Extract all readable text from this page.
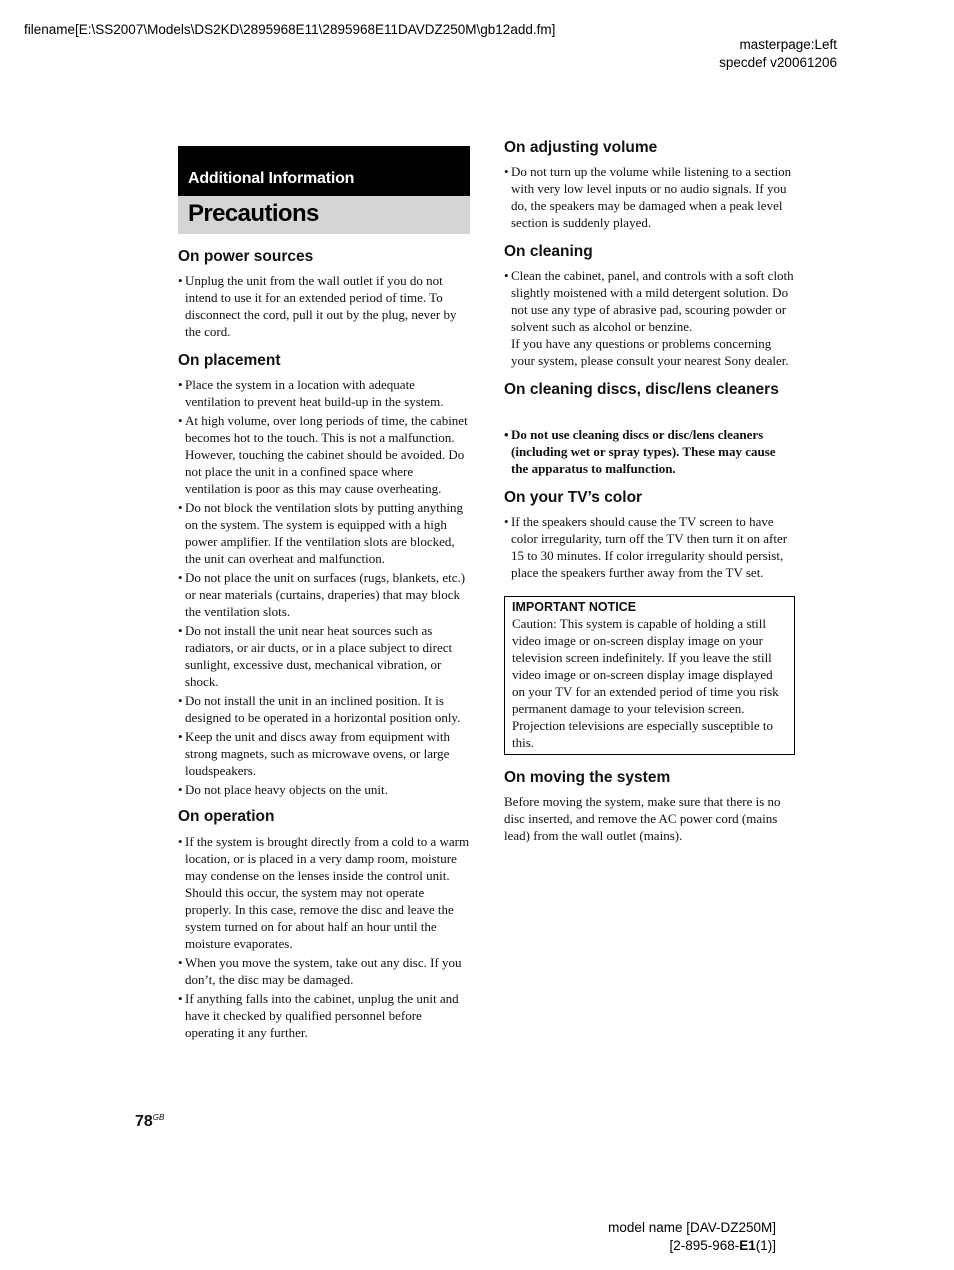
filename[E:\SS2007\Models\DS2KD\2895968E11\2895968E11DAVDZ250M\gb12add.fm]
masterpage:Left
specdef v20061206
Additional Information
Precautions
On power sources
• Unplug the unit from the wall outlet if you do not intend to use it for an extended period of time. To disconnect the cord, pull it out by the plug, never by the cord.
On placement
• Place the system in a location with adequate ventilation to prevent heat build-up in the system.
• At high volume, over long periods of time, the cabinet becomes hot to the touch. This is not a malfunction. However, touching the cabinet should be avoided. Do not place the unit in a confined space where ventilation is poor as this may cause overheating.
• Do not block the ventilation slots by putting anything on the system. The system is equipped with a high power amplifier. If the ventilation slots are blocked, the unit can overheat and malfunction.
• Do not place the unit on surfaces (rugs, blankets, etc.) or near materials (curtains, draperies) that may block the ventilation slots.
• Do not install the unit near heat sources such as radiators, or air ducts, or in a place subject to direct sunlight, excessive dust, mechanical vibration, or shock.
• Do not install the unit in an inclined position. It is designed to be operated in a horizontal position only.
• Keep the unit and discs away from equipment with strong magnets, such as microwave ovens, or large loudspeakers.
• Do not place heavy objects on the unit.
On operation
• If the system is brought directly from a cold to a warm location, or is placed in a very damp room, moisture may condense on the lenses inside the control unit. Should this occur, the system may not operate properly. In this case, remove the disc and leave the system turned on for about half an hour until the moisture evaporates.
• When you move the system, take out any disc. If you don’t, the disc may be damaged.
• If anything falls into the cabinet, unplug the unit and have it checked by qualified personnel before operating it any further.
On adjusting volume
• Do not turn up the volume while listening to a section with very low level inputs or no audio signals. If you do, the speakers may be damaged when a peak level section is suddenly played.
On cleaning
• Clean the cabinet, panel, and controls with a soft cloth slightly moistened with a mild detergent solution. Do not use any type of abrasive pad, scouring powder or solvent such as alcohol or benzine.
If you have any questions or problems concerning your system, please consult your nearest Sony dealer.
On cleaning discs, disc/lens cleaners
• Do not use cleaning discs or disc/lens cleaners (including wet or spray types). These may cause the apparatus to malfunction.
On your TV’s color
• If the speakers should cause the TV screen to have color irregularity, turn off the TV then turn it on after 15 to 30 minutes. If color irregularity should persist, place the speakers further away from the TV set.
IMPORTANT NOTICE
Caution: This system is capable of holding a still video image or on-screen display image on your television screen indefinitely. If you leave the still video image or on-screen display image displayed on your TV for an extended period of time you risk permanent damage to your television screen. Projection televisions are especially susceptible to this.
On moving the system

Before moving the system, make sure that there is no disc inserted, and remove the AC power cord (mains lead) from the wall outlet (mains).

$78^{GB}$
model name [DAV-DZ250M]
[2-895-968-E1(1)]
